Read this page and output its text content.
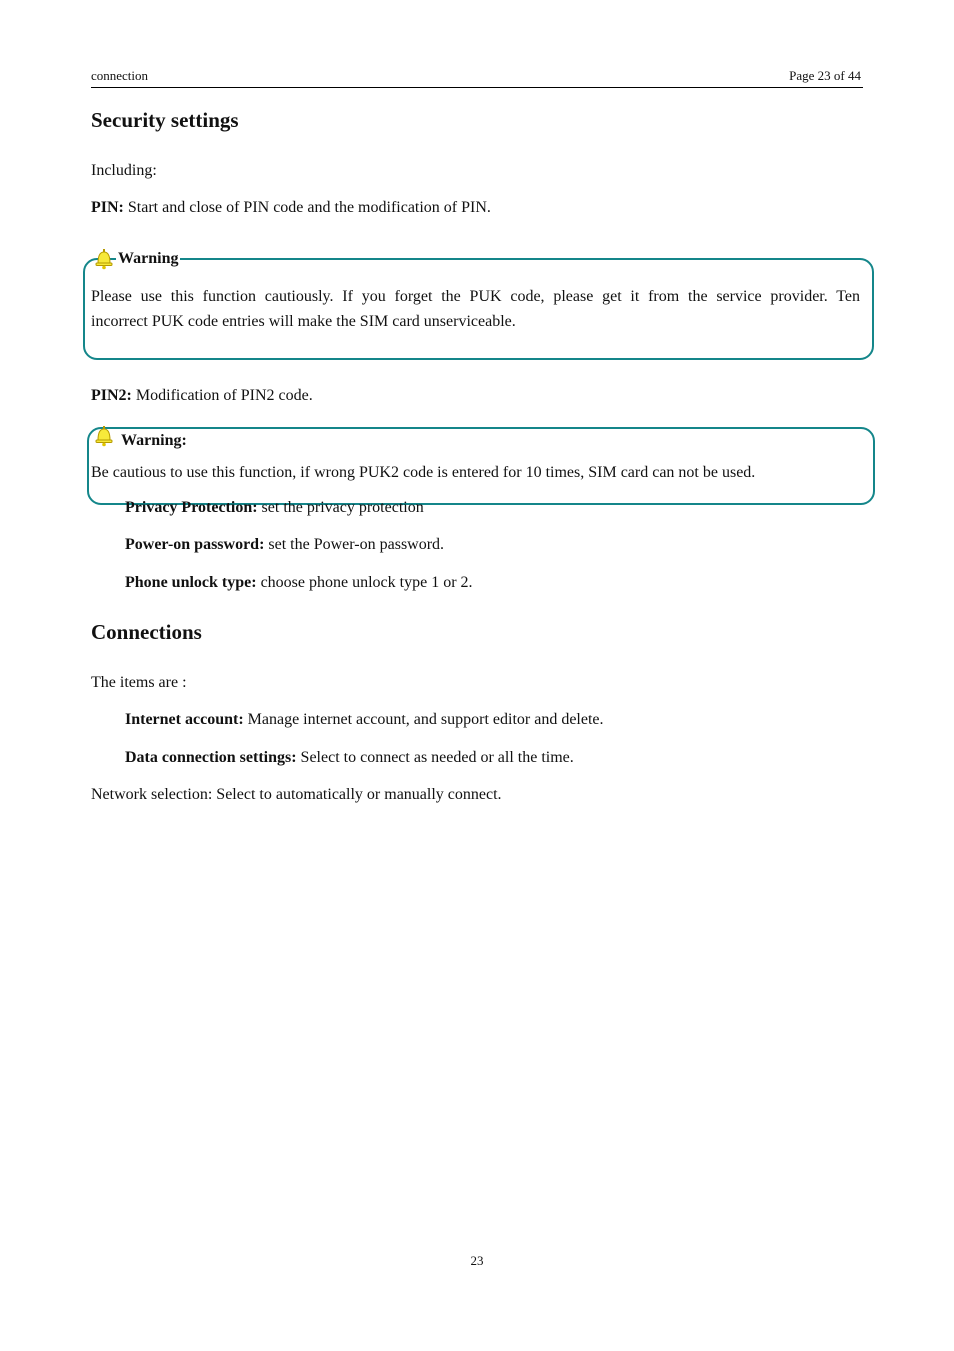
connection	Page 23 of 44
Security settings
Including:
PIN: Start and close of PIN code and the modification of PIN.
Warning
Please use this function cautiously. If you forget the PUK code, please get it from the service provider. Ten
incorrect PUK code entries will make the SIM card unserviceable.
PIN2: Modification of PIN2 code.
Warning:
Be cautious to use this function, if wrong PUK2 code is entered for 10 times, SIM card can not be used.
Privacy Protection: set the privacy protection
Power-on password: set the Power-on password.
Phone unlock type: choose phone unlock type 1 or 2.
Connections
The items are :
Internet account: Manage internet account, and support editor and delete.
Data connection settings: Select to connect as needed or all the time.
Network selection: Select to automatically or manually connect.
23
